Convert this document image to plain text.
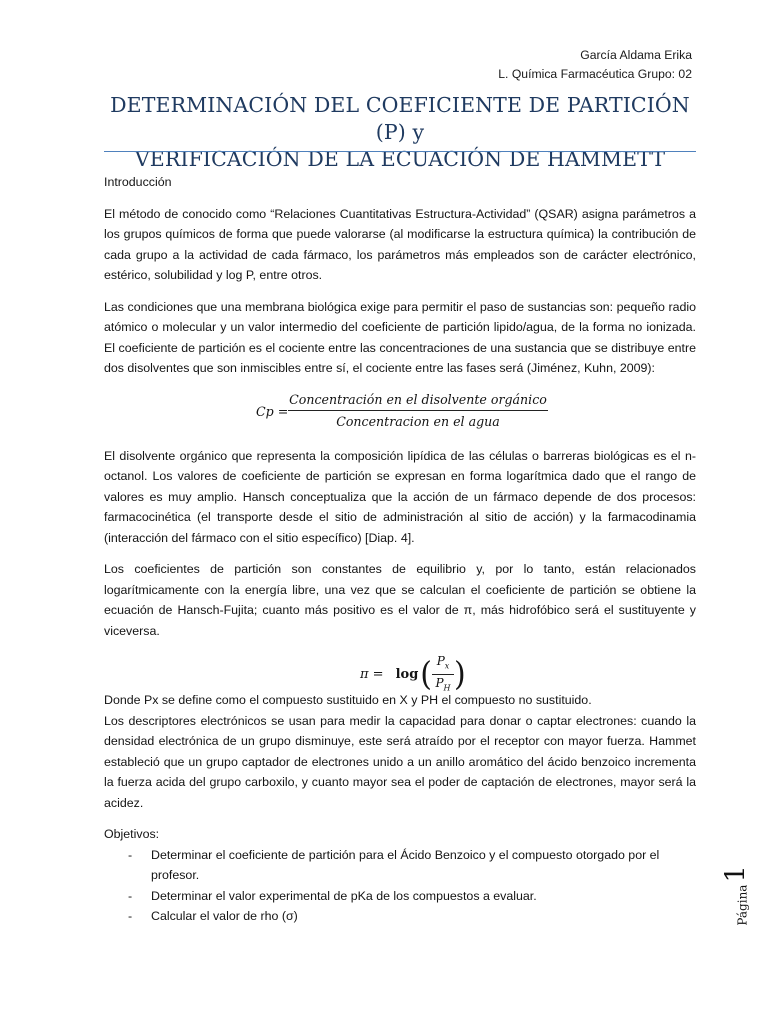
García Aldama Erika
L. Química Farmacéutica Grupo: 02
DETERMINACIÓN DEL COEFICIENTE DE PARTICIÓN (P) y
VERIFICACIÓN DE LA ECUACIÓN DE HAMMETT

Introducción

El método de conocido como “Relaciones Cuantitativas Estructura-Actividad” (QSAR) asigna parámetros a los grupos químicos de forma que puede valorarse (al modificarse la estructura química) la contribución de cada grupo a la actividad de cada fármaco, los parámetros más empleados son de carácter electrónico, estérico, solubilidad y log P, entre otros.

Las condiciones que una membrana biológica exige para permitir el paso de sustancias son: pequeño radio atómico o molecular y un valor intermedio del coeficiente de partición lipido/agua, de la forma no ionizada. El coeficiente de partición es el cociente entre las concentraciones de una sustancia que se distribuye entre dos disolventes que son inmiscibles entre sí, el cociente entre las fases será (Jiménez, Kuhn, 2009):

Cp =
Concentración en el disolvente orgánico
Concentracion en el agua

El disolvente orgánico que representa la composición lipídica de las células o barreras biológicas es el n-octanol. Los valores de coeficiente de partición se expresan en forma logarítmica dado que el rango de valores es muy amplio. Hansch conceptualiza que la acción de un fármaco depende de dos procesos: farmacocinética (el transporte desde el sitio de administración al sitio de acción) y la farmacodinamia (interacción del fármaco con el sitio específico) [Diap. 4].

Los coeficientes de partición son constantes de equilibrio y, por lo tanto, están relacionados logarítmicamente con la energía libre, una vez que se calculan el coeficiente de partición se obtiene la ecuación de Hansch-Fujita; cuanto más positivo es el valor de π, más hidrofóbico será el sustituyente y viceversa.

π = log ( $P_x$
$P_H$ )

Donde Px se define como el compuesto sustituido en X y PH el compuesto no sustituido.

Los descriptores electrónicos se usan para medir la capacidad para donar o captar electrones: cuando la densidad electrónica de un grupo disminuye, este será atraído por el receptor con mayor fuerza. Hammet estableció que un grupo captador de electrones unido a un anillo aromático del ácido benzoico incrementa la fuerza acida del grupo carboxilo, y cuanto mayor sea el poder de captación de electrones, mayor será la acidez.

Objetivos:

- Determinar el coeficiente de partición para el Ácido Benzoico y el compuesto otorgado por el profesor.
- Determinar el valor experimental de pKa de los compuestos a evaluar.
- Calcular el valor de rho (σ)	Página
1
